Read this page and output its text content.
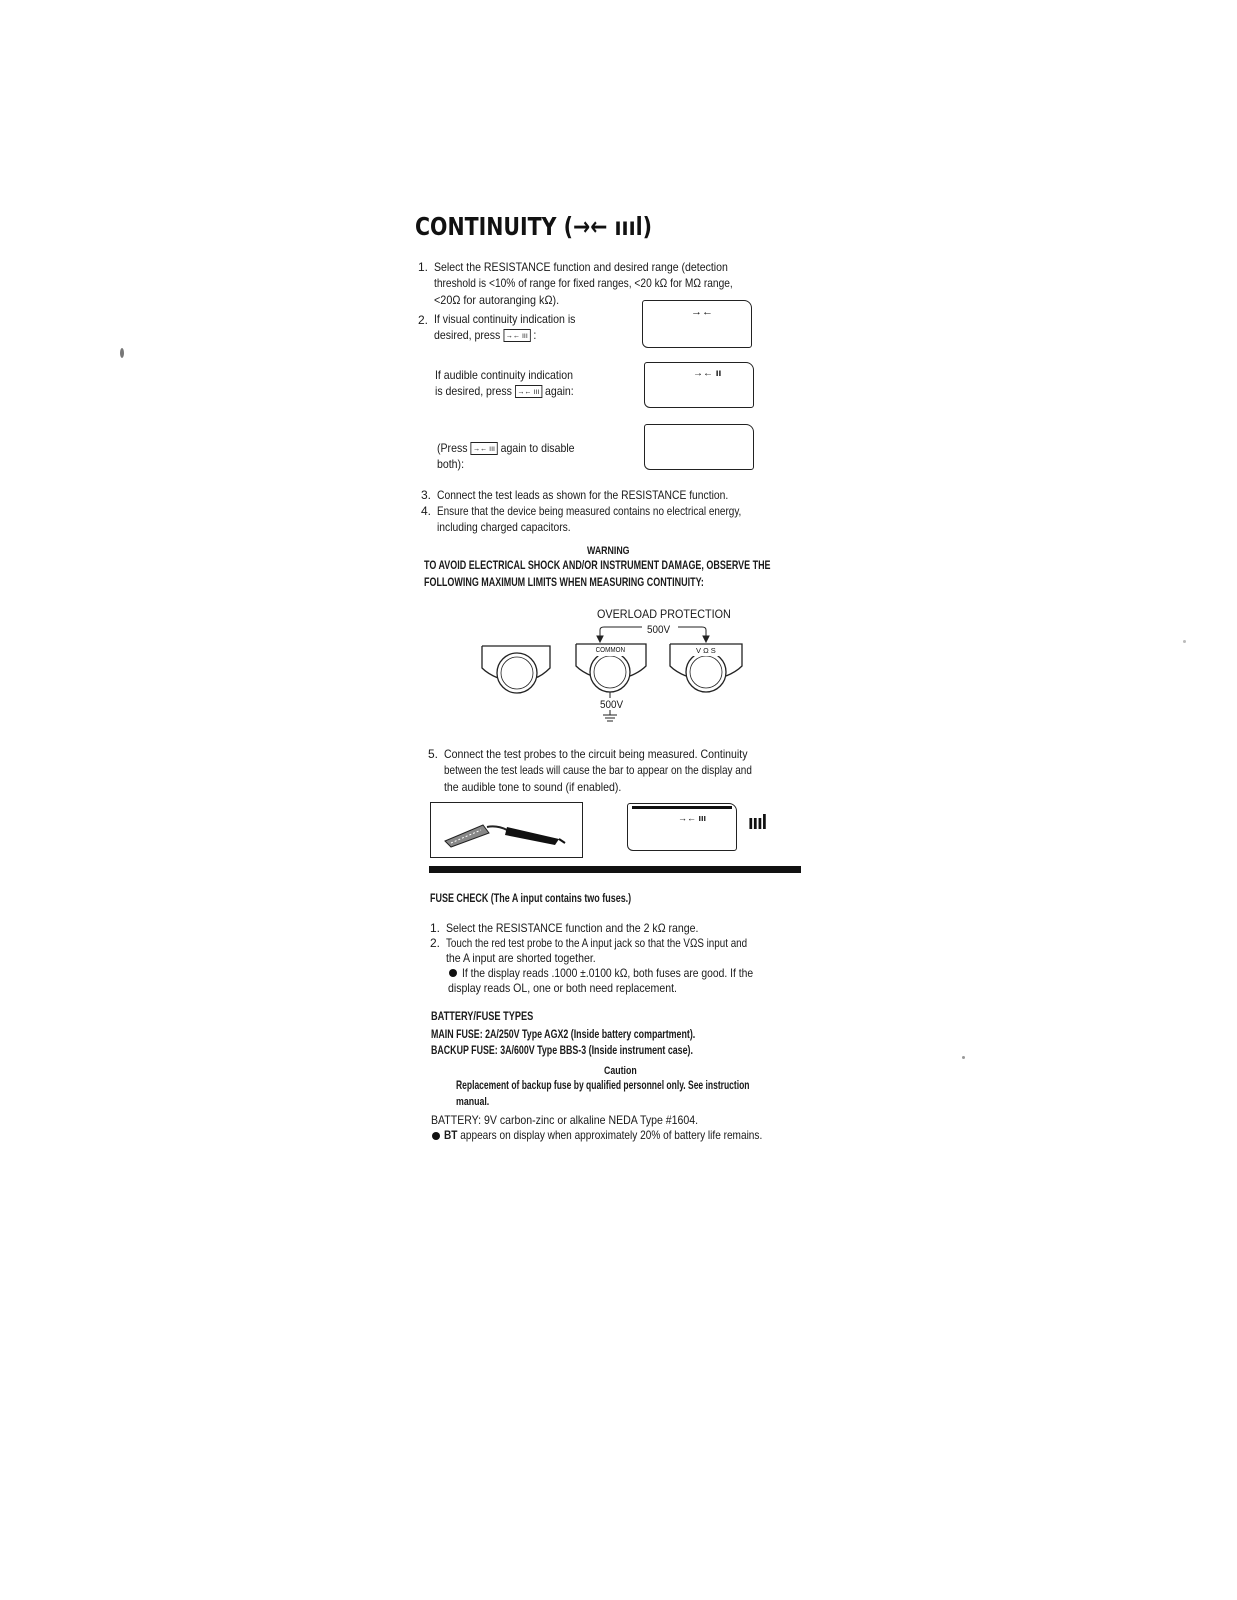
CONTINUITY (→← ıııl)
1. Select the RESISTANCE function and desired range (detection
threshold is <10% of range for fixed ranges, <20 kΩ for MΩ range,
<20Ω for autoranging kΩ).
2. If visual continuity indication is
desired, press →← ııı :
→←
If audible continuity indication
is desired, press →← ııı again:
→← ıı
(Press →← ııı again to disable
both):
3. Connect the test leads as shown for the RESISTANCE function.
4. Ensure that the device being measured contains no electrical energy,
including charged capacitors.
WARNING
TO AVOID ELECTRICAL SHOCK AND/OR INSTRUMENT DAMAGE, OBSERVE THE
FOLLOWING MAXIMUM LIMITS WHEN MEASURING CONTINUITY:
OVERLOAD PROTECTION
500V
COMMON	V Ω S
500V
5. Connect the test probes to the circuit being measured. Continuity
between the test leads will cause the bar to appear on the display and
the audible tone to sound (if enabled).
→← ııı ıııl
FUSE CHECK (The A input contains two fuses.)
1. Select the RESISTANCE function and the 2 kΩ range.
2. Touch the red test probe to the A input jack so that the VΩS input and
the A input are shorted together.
If the display reads .1000 ±.0100 kΩ, both fuses are good. If the
display reads OL, one or both need replacement.
BATTERY/FUSE TYPES
MAIN FUSE: 2A/250V Type AGX2 (Inside battery compartment).
BACKUP FUSE: 3A/600V Type BBS-3 (Inside instrument case).
Caution
Replacement of backup fuse by qualified personnel only. See instruction
manual.
BATTERY: 9V carbon-zinc or alkaline NEDA Type #1604.
BT appears on display when approximately 20% of battery life remains.
